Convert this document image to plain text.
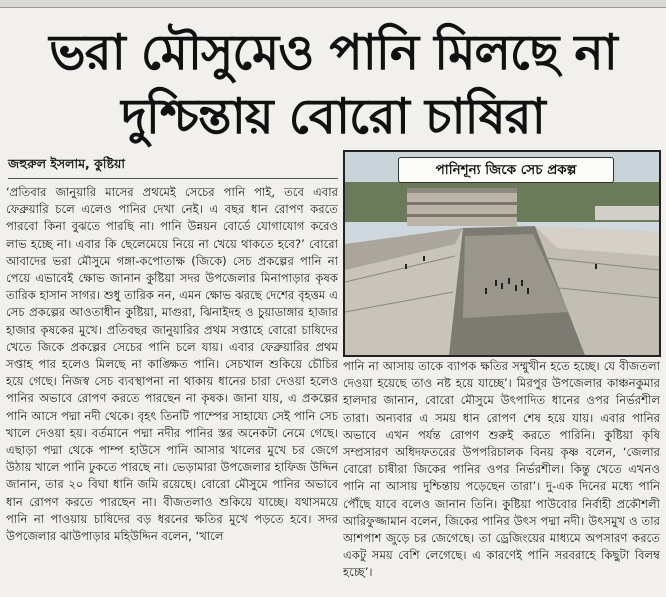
ভরা মৌসুমেও পানি মিলছে না
দুশ্চিন্তায় বোরো চাষিরা
জহুরুল ইসলাম, কুষ্টিয়া

‘প্রতিবার জানুয়ারি মাসের প্রথমেই সেচের পানি পাই, তবে এবার ফেব্রুয়ারি চলে এলেও পানির দেখা নেই। এ বছর ধান রোপণ করতে পারবো কিনা বুঝতে পারছি না। পানি উন্নয়ন বোর্ডে যোগাযোগ করেও লাভ হচ্ছে না। এবার কি ছেলেমেয়ে নিয়ে না খেয়ে থাকতে হবে?’ বোরো আবাদের ভরা মৌসুমে গঙ্গা-কপোতাক্ষ (জিকে) সেচ প্রকল্পের পানি না পেয়ে এভাবেই ক্ষোভ জানান কুষ্টিয়া সদর উপজেলার মিনাপাড়ার কৃষক তারিক হাসান সাগর। শুধু তারিক নন, এমন ক্ষোভ ঝরছে দেশের বৃহত্তম এ সেচ প্রকল্পের আওতাধীন কুষ্টিয়া, মাগুরা, ঝিনাইদহ ও চুয়াডাঙ্গার হাজার হাজার কৃষকের মুখে। প্রতিবছর জানুয়ারির প্রথম সপ্তাহে বোরো চাষিদের খেতে জিকে প্রকল্পের সেচের পানি চলে যায়। এবার ফেব্রুয়ারির প্রথম সপ্তাহ পার হলেও মিলছে না কাঙ্ক্ষিত পানি। সেচখাল শুকিয়ে চৌচির হয়ে গেছে। নিজস্ব সেচ ব্যবস্থাপনা না থাকায় ধানের চারা দেওয়া হলেও পানির অভাবে রোপণ করতে পারছেন না কৃষক। জানা যায়, এ প্রকল্পের পানি আসে পদ্মা নদী থেকে। বৃহৎ তিনটি পাম্পের সাহায্যে সেই পানি সেচ খালে দেওয়া হয়। বর্তমানে পদ্মা নদীর পানির স্তর অনেকটা নেমে গেছে। এছাড়া পদ্মা থেকে পাম্প হাউসে পানি আসার খালের মুখে চর জেগে উঠায় খালে পানি ঢুকতে পারছে না। ভেড়ামারা উপজেলার হাফিজ উদ্দিন জানান, তার ২০ বিঘা ধানি জমি রয়েছে। বোরো মৌসুমে পানির অভাবে ধান রোপণ করতে পারছেন না। বীজতলাও শুকিয়ে যাচ্ছে। যথাসময়ে পানি না পাওয়ায় চাষিদের বড় ধরনের ক্ষতির মুখে পড়তে হবে। সদর উপজেলার ঝাউপাড়ার মহিউদ্দিন বলেন, ‘খালে

পানিশূন্য জিকে সেচ প্রকল্প

পানি না আসায় তাকে ব্যাপক ক্ষতির সম্মুখীন হতে হচ্ছে। যে বীজতলা দেওয়া হয়েছে তাও নষ্ট হয়ে যাচ্ছে’। মিরপুর উপজেলার কাঞ্চনকুমার হালদার জানান, বোরো মৌসুমে উৎপাদিত ধানের ওপর নির্ভরশীল তারা। অন্যবার এ সময় ধান রোপণ শেষ হয়ে যায়। এবার পানির অভাবে এখন পর্যন্ত রোপণ শুরুই করতে পারিনি। কুষ্টিয়া কৃষি সম্প্রসারণ অধিদফতরের উপপরিচালক বিনয় কৃষ্ণ বলেন, ‘জেলার বোরো চাষীরা জিকের পানির ওপর নির্ভরশীল। কিন্তু খেতে এখনও পানি না আসায় দুশ্চিন্তায় পড়েছেন তারা’। দু-এক দিনের মধ্যে পানি পৌঁছে যাবে বলেও জানান তিনি। কুষ্টিয়া পাউবোর নির্বাহী প্রকৌশলী আরিফুজ্জামান বলেন, জিকের পানির উৎস পদ্মা নদী। উৎসমুখ ও তার আশপাশ জুড়ে চর জেগেছে। তা ড্রেজিংয়ের মাধ্যমে অপসারণ করতে একটু সময় বেশি লেগেছে। এ কারণেই পানি সরবরাহে কিছুটা বিলম্ব হচ্ছে’।
